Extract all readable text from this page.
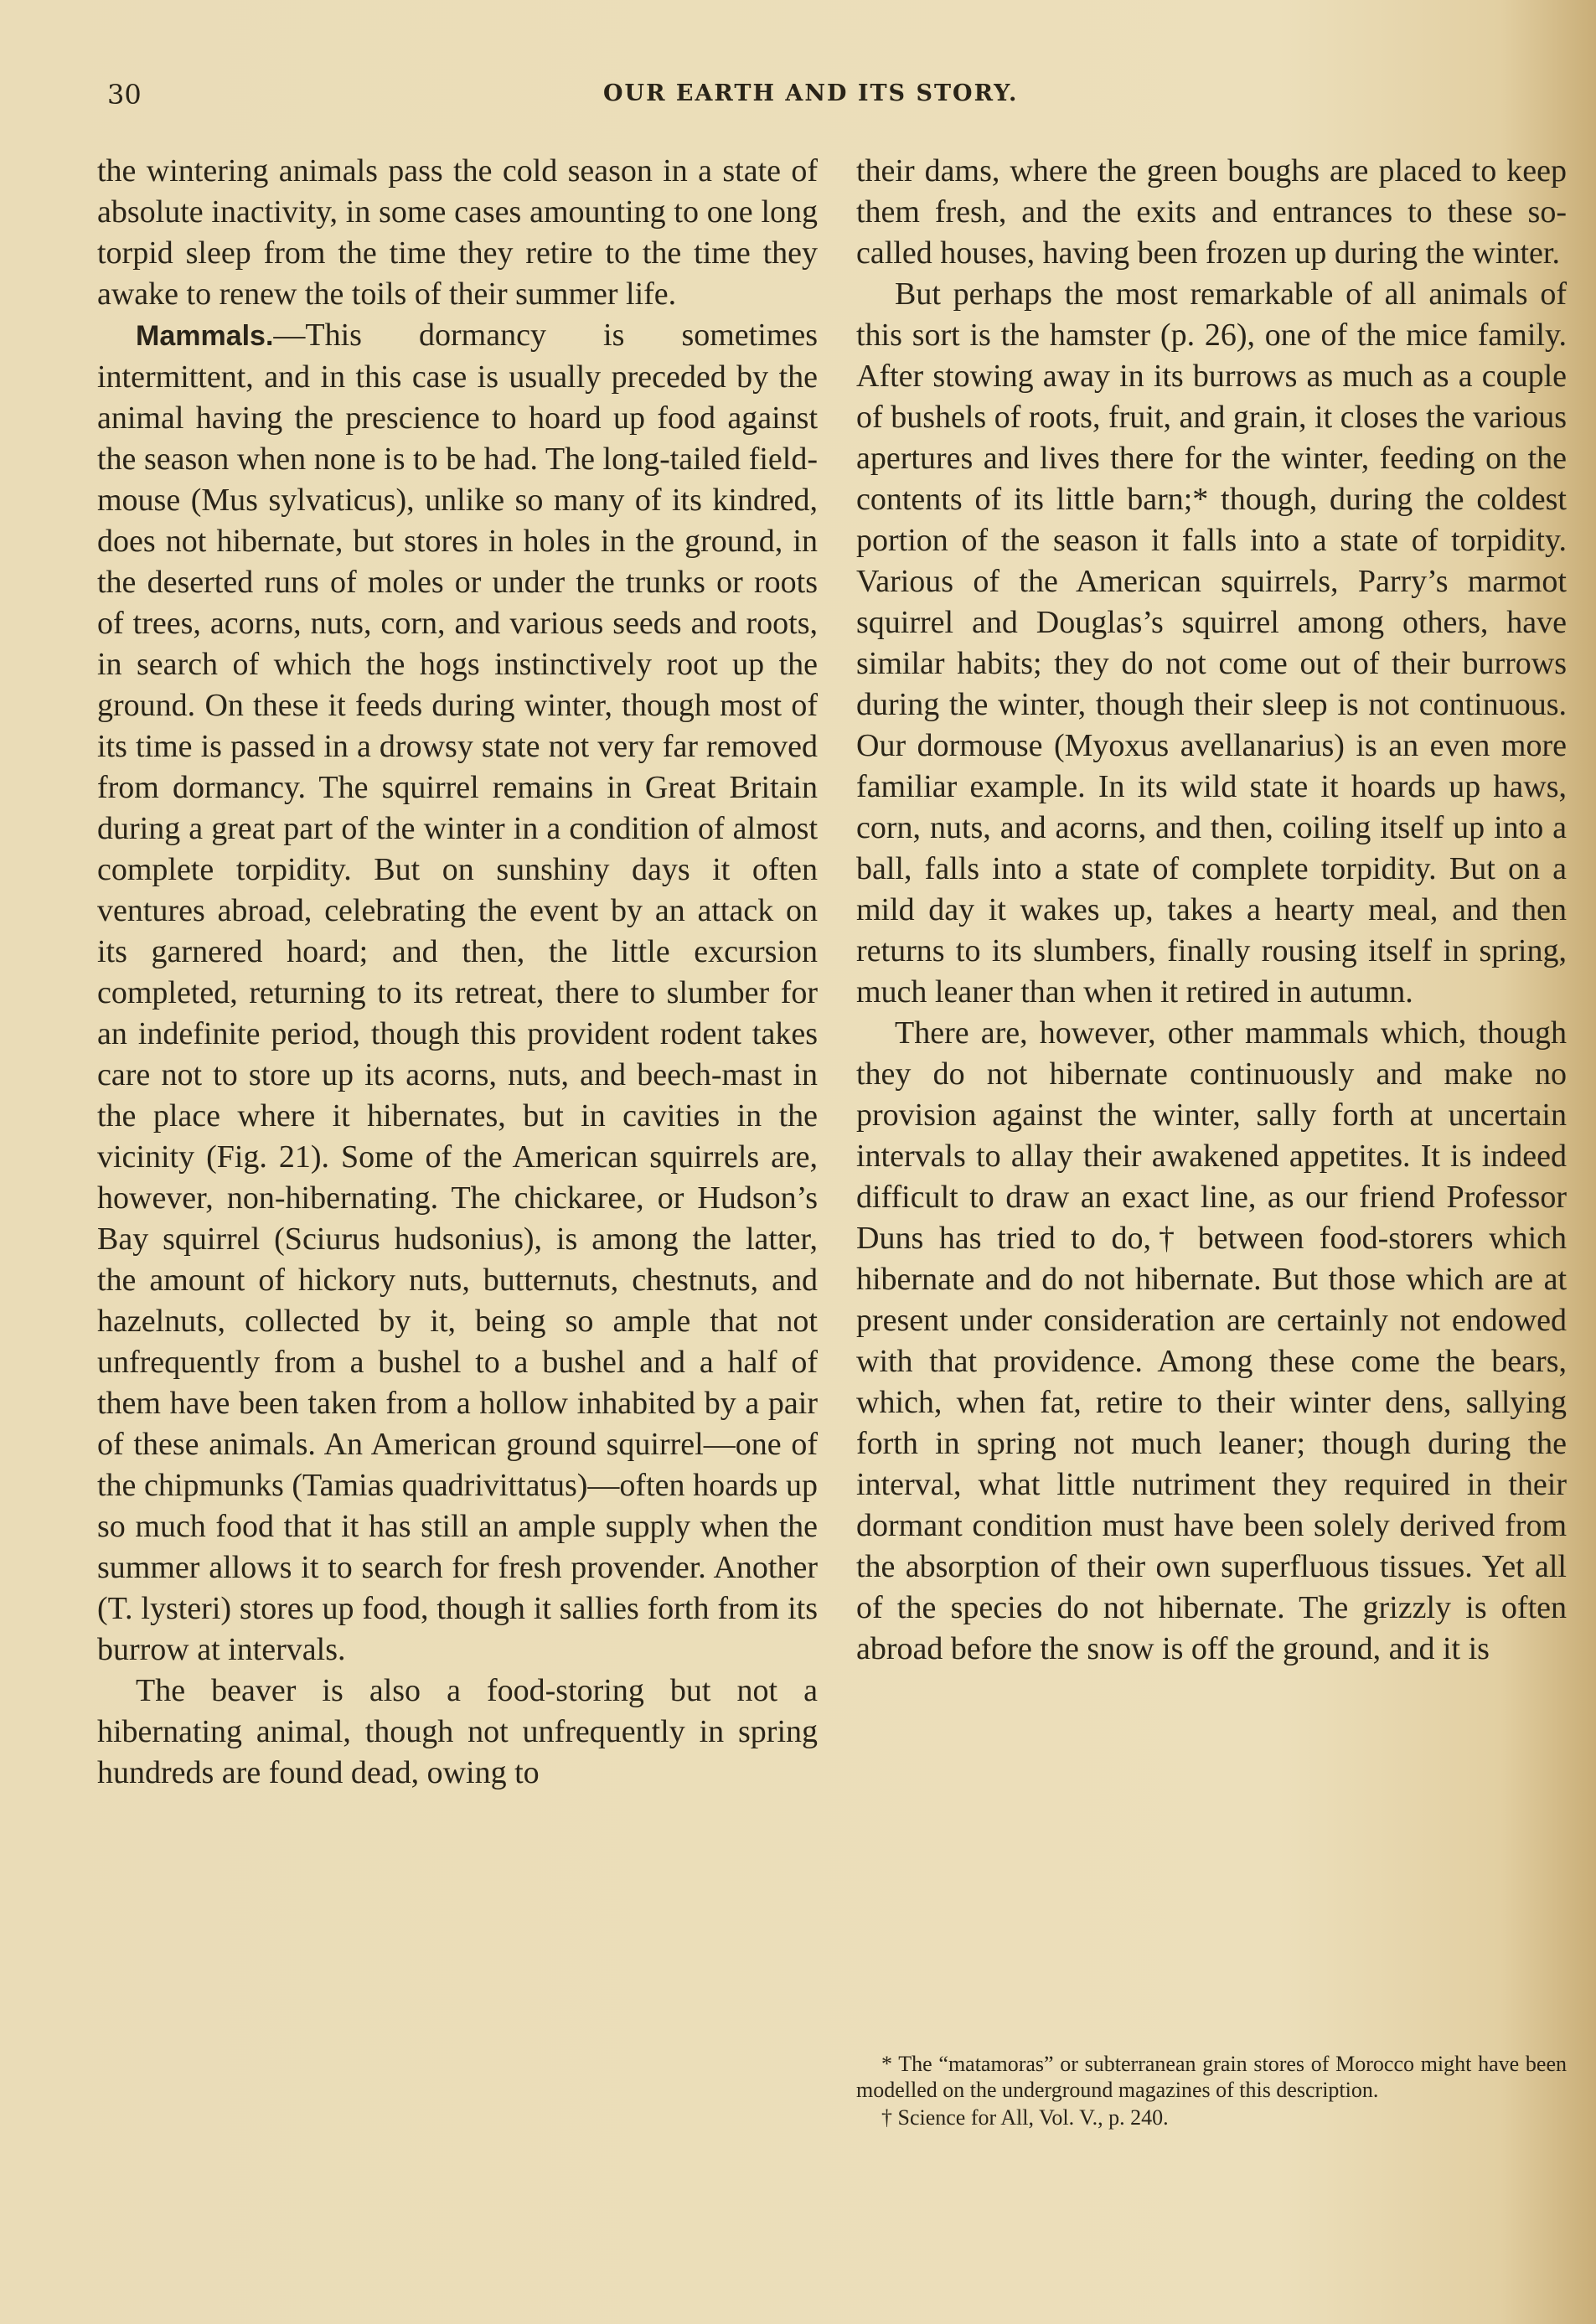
30	OUR EARTH AND ITS STORY.

the wintering animals pass the cold season in a state of absolute inactivity, in some cases amounting to one long torpid sleep from the time they retire to the time they awake to renew the toils of their summer life.

Mammals.—This dormancy is sometimes intermittent, and in this case is usually preceded by the animal having the prescience to hoard up food against the season when none is to be had. The long-tailed field-mouse (Mus sylvaticus), unlike so many of its kindred, does not hibernate, but stores in holes in the ground, in the deserted runs of moles or under the trunks or roots of trees, acorns, nuts, corn, and various seeds and roots, in search of which the hogs instinctively root up the ground. On these it feeds during winter, though most of its time is passed in a drowsy state not very far removed from dormancy. The squirrel remains in Great Britain during a great part of the winter in a condition of almost complete torpidity. But on sunshiny days it often ventures abroad, celebrating the event by an attack on its garnered hoard; and then, the little excursion completed, returning to its retreat, there to slumber for an indefinite period, though this provident rodent takes care not to store up its acorns, nuts, and beech-mast in the place where it hibernates, but in cavities in the vicinity (Fig. 21). Some of the American squirrels are, however, non-hibernating. The chickaree, or Hudson’s Bay squirrel (Sciurus hudsonius), is among the latter, the amount of hickory nuts, butternuts, chestnuts, and hazelnuts, collected by it, being so ample that not unfrequently from a bushel to a bushel and a half of them have been taken from a hollow inhabited by a pair of these animals. An American ground squirrel—one of the chipmunks (Tamias quadrivittatus)—often hoards up so much food that it has still an ample supply when the summer allows it to search for fresh provender. Another (T. lysteri) stores up food, though it sallies forth from its burrow at intervals.

The beaver is also a food-storing but not a hibernating animal, though not unfrequently in spring hundreds are found dead, owing to

their dams, where the green boughs are placed to keep them fresh, and the exits and entrances to these so-called houses, having been frozen up during the winter.

But perhaps the most remarkable of all animals of this sort is the hamster (p. 26), one of the mice family. After stowing away in its burrows as much as a couple of bushels of roots, fruit, and grain, it closes the various apertures and lives there for the winter, feeding on the contents of its little barn;* though, during the coldest portion of the season it falls into a state of torpidity. Various of the American squirrels, Parry’s marmot squirrel and Douglas’s squirrel among others, have similar habits; they do not come out of their burrows during the winter, though their sleep is not continuous. Our dormouse (Myoxus avellanarius) is an even more familiar example. In its wild state it hoards up haws, corn, nuts, and acorns, and then, coiling itself up into a ball, falls into a state of complete torpidity. But on a mild day it wakes up, takes a hearty meal, and then returns to its slumbers, finally rousing itself in spring, much leaner than when it retired in autumn.

There are, however, other mammals which, though they do not hibernate continuously and make no provision against the winter, sally forth at uncertain intervals to allay their awakened appetites. It is indeed difficult to draw an exact line, as our friend Professor Duns has tried to do,† between food-storers which hibernate and do not hibernate. But those which are at present under consideration are certainly not endowed with that providence. Among these come the bears, which, when fat, retire to their winter dens, sallying forth in spring not much leaner; though during the interval, what little nutriment they required in their dormant condition must have been solely derived from the absorption of their own superfluous tissues. Yet all of the species do not hibernate. The grizzly is often abroad before the snow is off the ground, and it is

* The “matamoras” or subterranean grain stores of Morocco might have been modelled on the underground magazines of this description.

† Science for All, Vol. V., p. 240.
